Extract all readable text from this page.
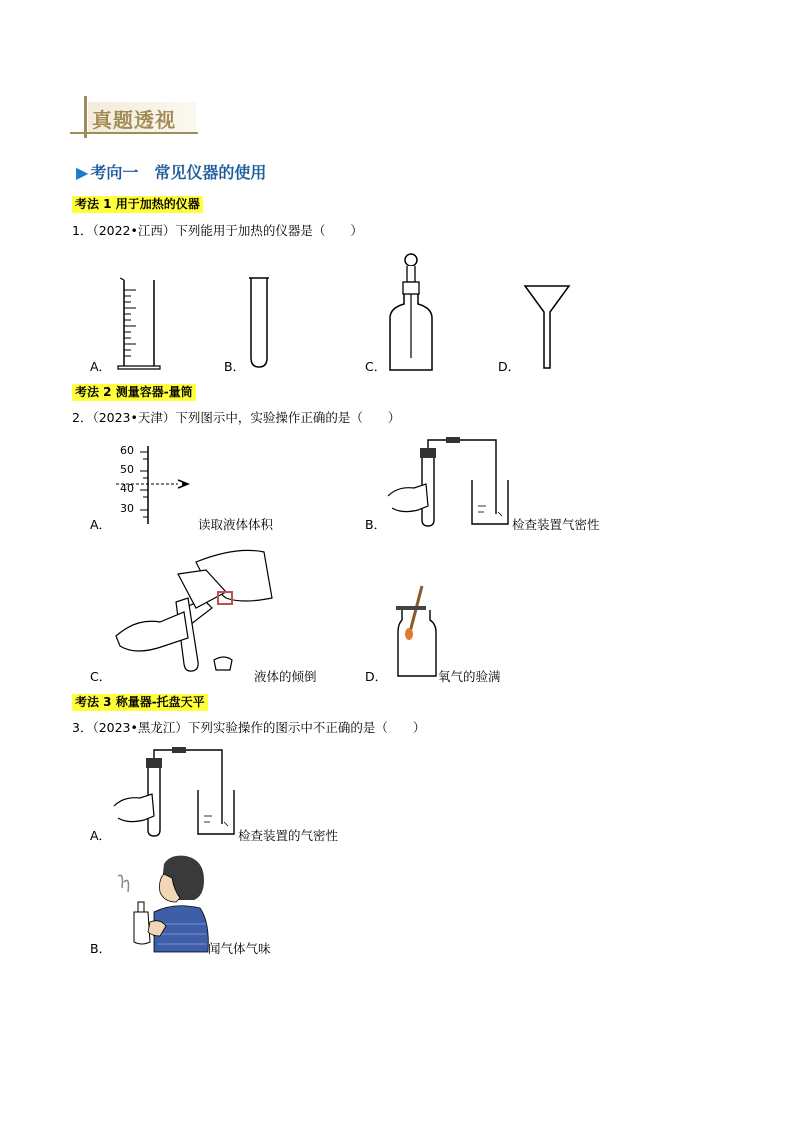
真题透视
▶ 考向一　常见仪器的使用
考法 1 用于加热的仪器
1．（2022•江西）下列能用于加热的仪器是（　　）
A．	B．	C．	D．
考法 2 测量容器-量筒
2．（2023•天津）下列图示中，实验操作正确的是（　　）
60
50
40
30
A．	读取液体体积	B．	检查装置气密性
C．	液体的倾倒	D．	氧气的验满
考法 3 称量器-托盘天平
3．（2023•黑龙江）下列实验操作的图示中不正确的是（　　）
A．	检查装置的气密性
B．	闻气体气味
